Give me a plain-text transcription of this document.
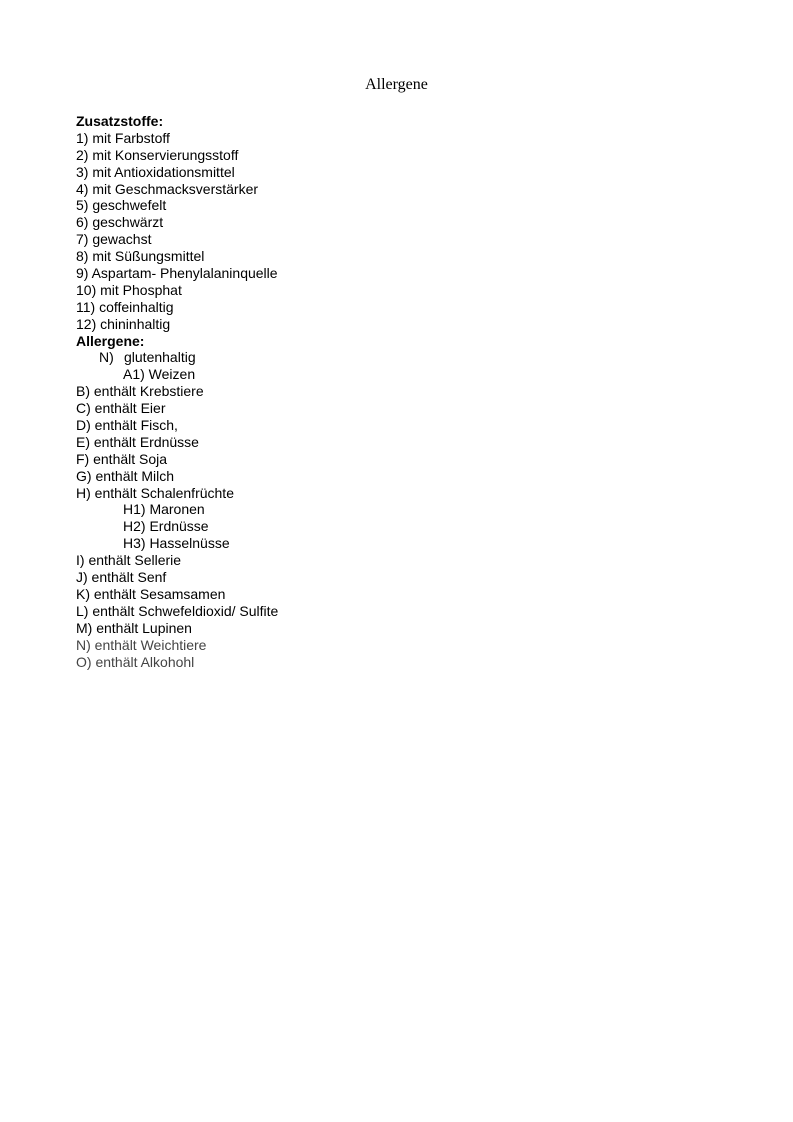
Allergene
Zusatzstoffe:
1) mit Farbstoff
2) mit Konservierungsstoff
3) mit Antioxidationsmittel
4) mit Geschmacksverstärker
5) geschwefelt
6) geschwärzt
7) gewachst
8) mit Süßungsmittel
9) Aspartam- Phenylalaninquelle
10) mit Phosphat
11) coffeinhaltig
12) chininhaltig
Allergene:
N) glutenhaltig
A1) Weizen
B) enthält Krebstiere
C) enthält Eier
D) enthält Fisch,
E) enthält Erdnüsse
F) enthält Soja
G) enthält Milch
H) enthält Schalenfrüchte
H1) Maronen
H2) Erdnüsse
H3) Hasselnüsse
I) enthält Sellerie
J) enthält Senf
K) enthält Sesamsamen
L) enthält Schwefeldioxid/ Sulfite
M) enthält Lupinen
N) enthält Weichtiere
O) enthält Alkohohl
